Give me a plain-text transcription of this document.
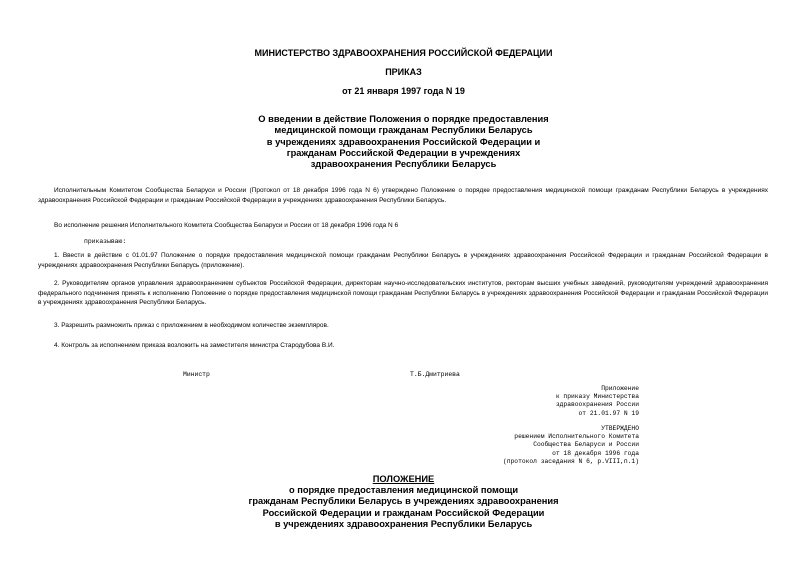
МИНИСТЕРСТВО ЗДРАВООХРАНЕНИЯ РОССИЙСКОЙ ФЕДЕРАЦИИ
ПРИКАЗ
от 21 января 1997 года N 19
О введении в действие Положения о порядке предоставления
медицинской помощи гражданам Республики Беларусь
в учреждениях здравоохранения Российской Федерации и
гражданам Российской Федерации в учреждениях
здравоохранения Республики Беларусь
Исполнительным Комитетом Сообщества Беларуси и России (Протокол от 18 декабря 1996 года N 6) утверждено Положение о порядке предоставления медицинской помощи гражданам Республики Беларусь в учреждениях здравоохранения Российской Федерации и гражданам Российской Федерации в учреждениях здравоохранения Республики Беларусь.
Во исполнение решения Исполнительного Комитета Сообщества Беларуси и России от 18 декабря 1996 года N 6
приказываю:
1. Ввести в действие с 01.01.97 Положение о порядке предоставления медицинской помощи гражданам Республики Беларусь в учреждениях здравоохранения Российской Федерации и гражданам Российской Федерации в учреждениях здравоохранения Республики Беларусь (приложение).
2. Руководителям органов управления здравоохранением субъектов Российской Федерации, директорам научно-исследовательских институтов, ректорам высших учебных заведений, руководителям учреждений здравоохранения федерального подчинения принять к исполнению Положение о порядке предоставления медицинской помощи гражданам Республики Беларусь в учреждениях здравоохранения Российской Федерации и гражданам Российской Федерации в учреждениях здравоохранения Республики Беларусь.
3. Разрешить размножить приказ с приложением в необходимом количестве экземпляров.
4. Контроль за исполнением приказа возложить на заместителя министра Стародубова В.И.
Министр	Т.Б.Дмитриева
Приложение
к приказу Министерства
здравоохранения России
от 21.01.97 N 19
УТВЕРЖДЕНО
решением Исполнительного Комитета
Сообщества Беларуси и России
от 18 декабря 1996 года
(протокол заседания N 6, р.VIII,п.1)
ПОЛОЖЕНИЕ
о порядке предоставления медицинской помощи
гражданам Республики Беларусь в учреждениях здравоохранения
Российской Федерации и гражданам Российской Федерации
в учреждениях здравоохранения Республики Беларусь
